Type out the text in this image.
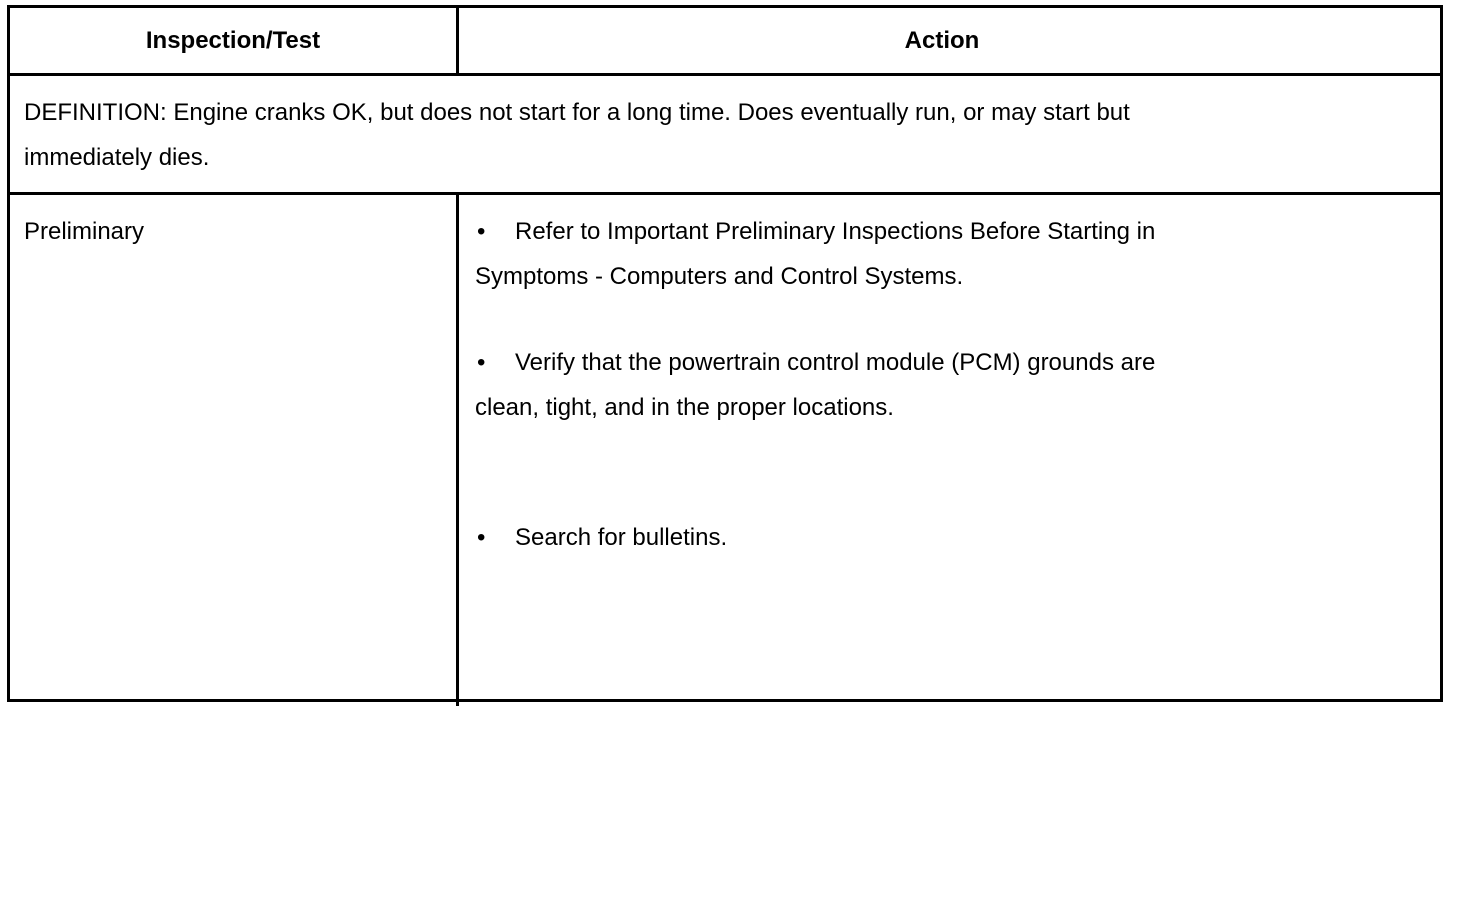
Inspection/Test	Action
DEFINITION: Engine cranks OK, but does not start for a long time. Does eventually run, or may start but
immediately dies.
Preliminary	• Refer to Important Preliminary Inspections Before Starting in
Symptoms - Computers and Control Systems.
• Verify that the powertrain control module (PCM) grounds are
clean, tight, and in the proper locations.
• Search for bulletins.
